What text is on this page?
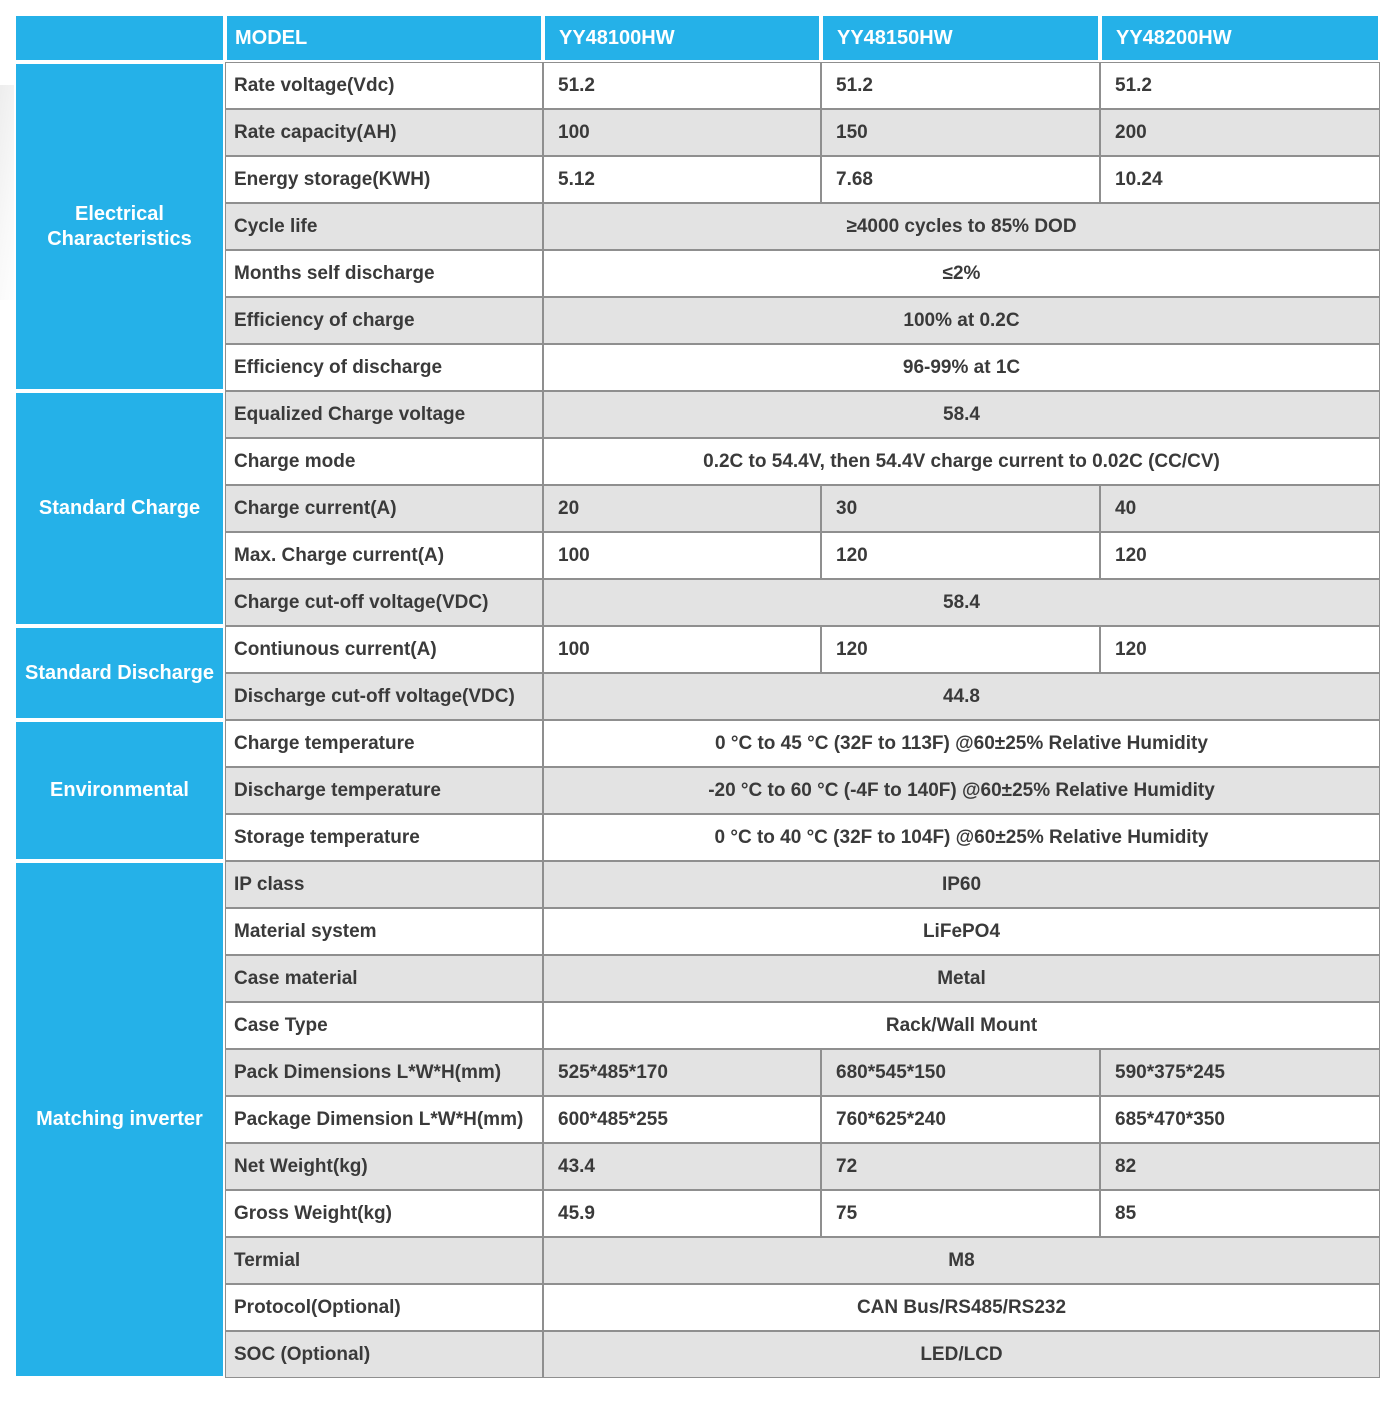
	MODEL	YY48100HW	YY48150HW	YY48200HW
Electrical Characteristics	Rate voltage(Vdc)	51.2	51.2	51.2
	Rate capacity(AH)	100	150	200
	Energy storage(KWH)	5.12	7.68	10.24
	Cycle life	≥4000 cycles to 85% DOD		
	Months self discharge	≤2%		
	Efficiency of charge	100% at 0.2C		
	Efficiency of discharge	96-99% at 1C		
Standard Charge	Equalized Charge voltage	58.4		
	Charge mode	0.2C to 54.4V, then 54.4V charge current to 0.02C (CC/CV)		
	Charge current(A)	20	30	40
	Max. Charge current(A)	100	120	120
	Charge cut-off voltage(VDC)	58.4		
Standard Discharge	Contiunous current(A)	100	120	120
	Discharge cut-off voltage(VDC)	44.8		
Environmental	Charge temperature	0 °C to 45 °C (32F to 113F) @60±25% Relative Humidity		
	Discharge temperature	-20 °C to 60 °C (-4F to 140F) @60±25% Relative Humidity		
	Storage temperature	0 °C to 40 °C (32F to 104F) @60±25% Relative Humidity		
Matching inverter	IP class	IP60		
	Material system	LiFePO4		
	Case material	Metal		
	Case Type	Rack/Wall Mount		
	Pack Dimensions L*W*H(mm)	525*485*170	680*545*150	590*375*245
	Package Dimension L*W*H(mm)	600*485*255	760*625*240	685*470*350
	Net Weight(kg)	43.4	72	82
	Gross Weight(kg)	45.9	75	85
	Termial	M8		
	Protocol(Optional)	CAN Bus/RS485/RS232		
	SOC (Optional)	LED/LCD		
